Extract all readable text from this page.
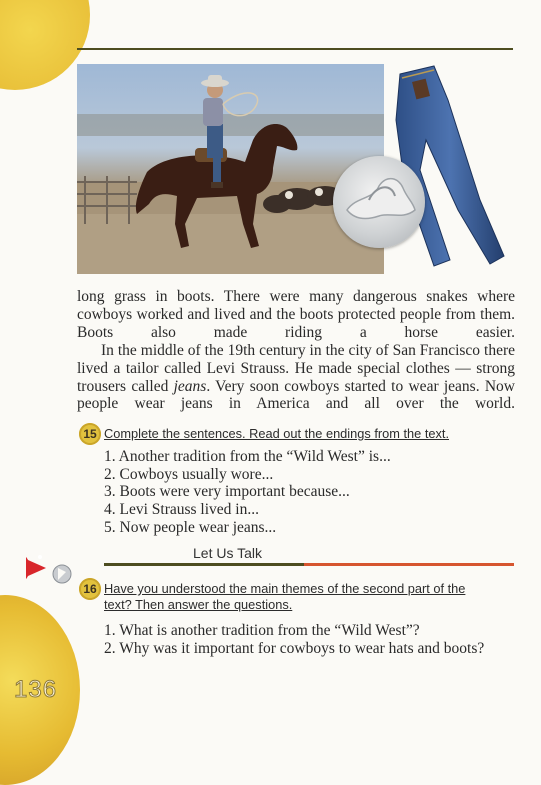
long grass in boots. There were many dangerous snakes where cowboys worked and lived and the boots protected people from them. Boots also made riding a horse easier.

In the middle of the 19th century in the city of San Francisco there lived a tailor called Levi Strauss. He made special clothes — strong trousers called jeans. Very soon cowboys started to wear jeans. Now people wear jeans in America and all over the world.

15 Complete the sentences. Read out the endings from the text.

1. Another tradition from the “Wild West” is...
2. Cowboys usually wore...
3. Boots were very important because...
4. Levi Strauss lived in...
5. Now people wear jeans...
Let Us Talk
16 Have you understood the main themes of the second part of the

text? Then answer the questions.

1. What is another tradition from the “Wild West”?
2. Why was it important for cowboys to wear hats and boots?
136
